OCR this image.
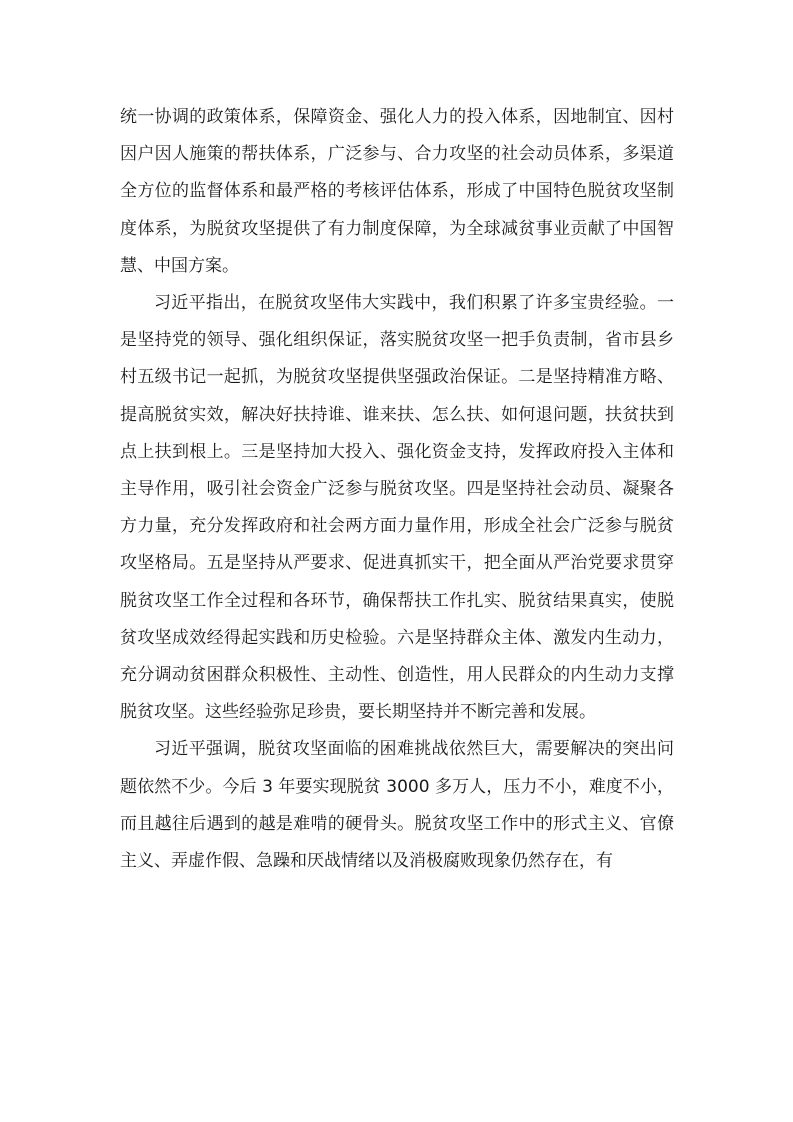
统一协调的政策体系，保障资金、强化人力的投入体系，因地制宜、因村因户因人施策的帮扶体系，广泛参与、合力攻坚的社会动员体系，多渠道全方位的监督体系和最严格的考核评估体系，形成了中国特色脱贫攻坚制度体系，为脱贫攻坚提供了有力制度保障，为全球减贫事业贡献了中国智慧、中国方案。

习近平指出，在脱贫攻坚伟大实践中，我们积累了许多宝贵经验。一是坚持党的领导、强化组织保证，落实脱贫攻坚一把手负责制，省市县乡村五级书记一起抓，为脱贫攻坚提供坚强政治保证。二是坚持精准方略、提高脱贫实效，解决好扶持谁、谁来扶、怎么扶、如何退问题，扶贫扶到点上扶到根上。三是坚持加大投入、强化资金支持，发挥政府投入主体和主导作用，吸引社会资金广泛参与脱贫攻坚。四是坚持社会动员、凝聚各方力量，充分发挥政府和社会两方面力量作用，形成全社会广泛参与脱贫攻坚格局。五是坚持从严要求、促进真抓实干，把全面从严治党要求贯穿脱贫攻坚工作全过程和各环节，确保帮扶工作扎实、脱贫结果真实，使脱贫攻坚成效经得起实践和历史检验。六是坚持群众主体、激发内生动力，充分调动贫困群众积极性、主动性、创造性，用人民群众的内生动力支撑脱贫攻坚。这些经验弥足珍贵，要长期坚持并不断完善和发展。

习近平强调，脱贫攻坚面临的困难挑战依然巨大，需要解决的突出问题依然不少。今后 3 年要实现脱贫 3000 多万人，压力不小，难度不小，而且越往后遇到的越是难啃的硬骨头。脱贫攻坚工作中的形式主义、官僚主义、弄虚作假、急躁和厌战情绪以及消极腐败现象仍然存在，有
